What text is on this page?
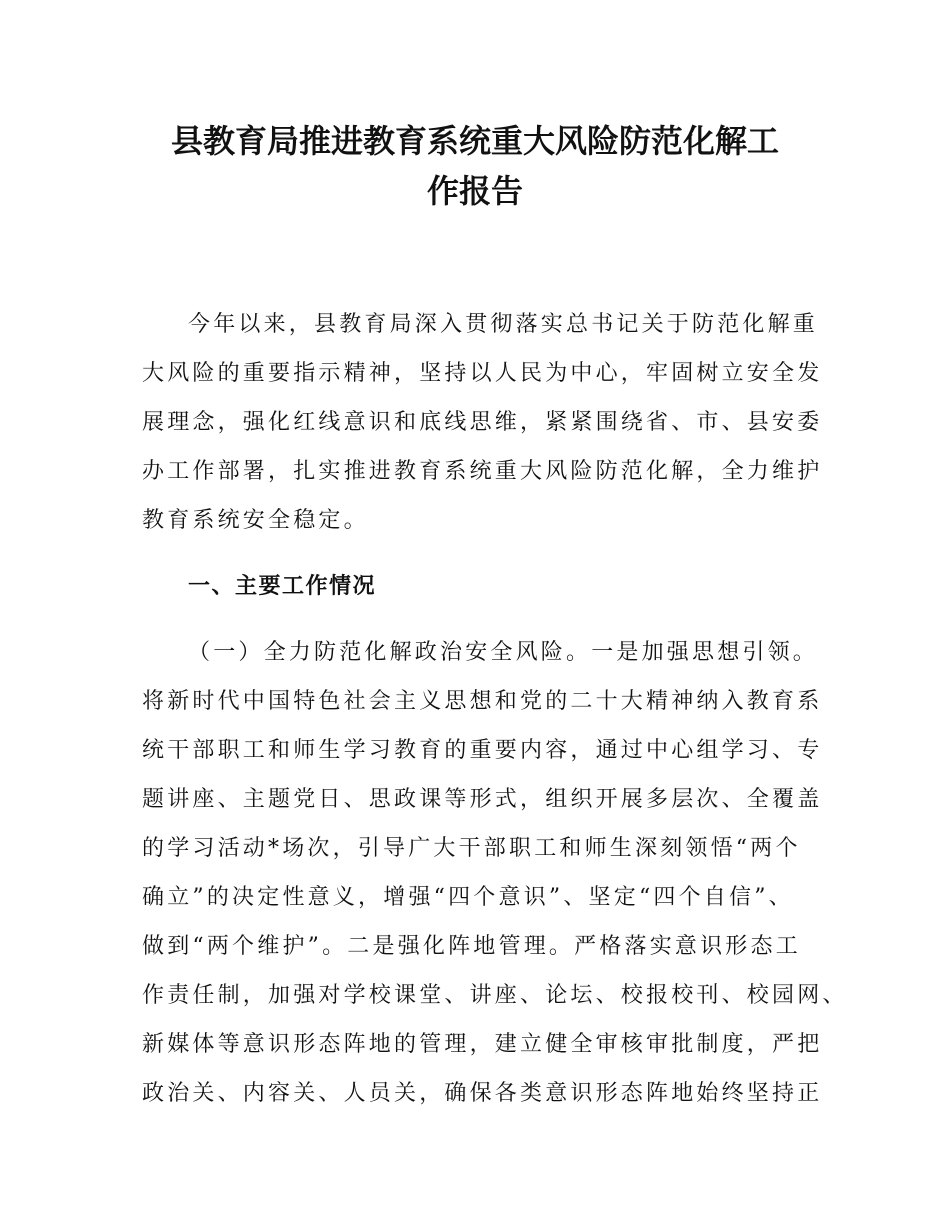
县教育局推进教育系统重大风险防范化解工
作报告
今年以来，县教育局深入贯彻落实总书记关于防范化解重
大风险的重要指示精神，坚持以人民为中心，牢固树立安全发
展理念，强化红线意识和底线思维，紧紧围绕省、市、县安委
办工作部署，扎实推进教育系统重大风险防范化解，全力维护
教育系统安全稳定。
一、主要工作情况
（一）全力防范化解政治安全风险。一是加强思想引领。
将新时代中国特色社会主义思想和党的二十大精神纳入教育系
统干部职工和师生学习教育的重要内容，通过中心组学习、专
题讲座、主题党日、思政课等形式，组织开展多层次、全覆盖
的学习活动*场次，引导广大干部职工和师生深刻领悟“两个
确立”的决定性意义，增强“四个意识”、坚定“四个自信”、
做到“两个维护”。二是强化阵地管理。严格落实意识形态工
作责任制，加强对学校课堂、讲座、论坛、校报校刊、校园网、
新媒体等意识形态阵地的管理，建立健全审核审批制度，严把
政治关、内容关、人员关，确保各类意识形态阵地始终坚持正
